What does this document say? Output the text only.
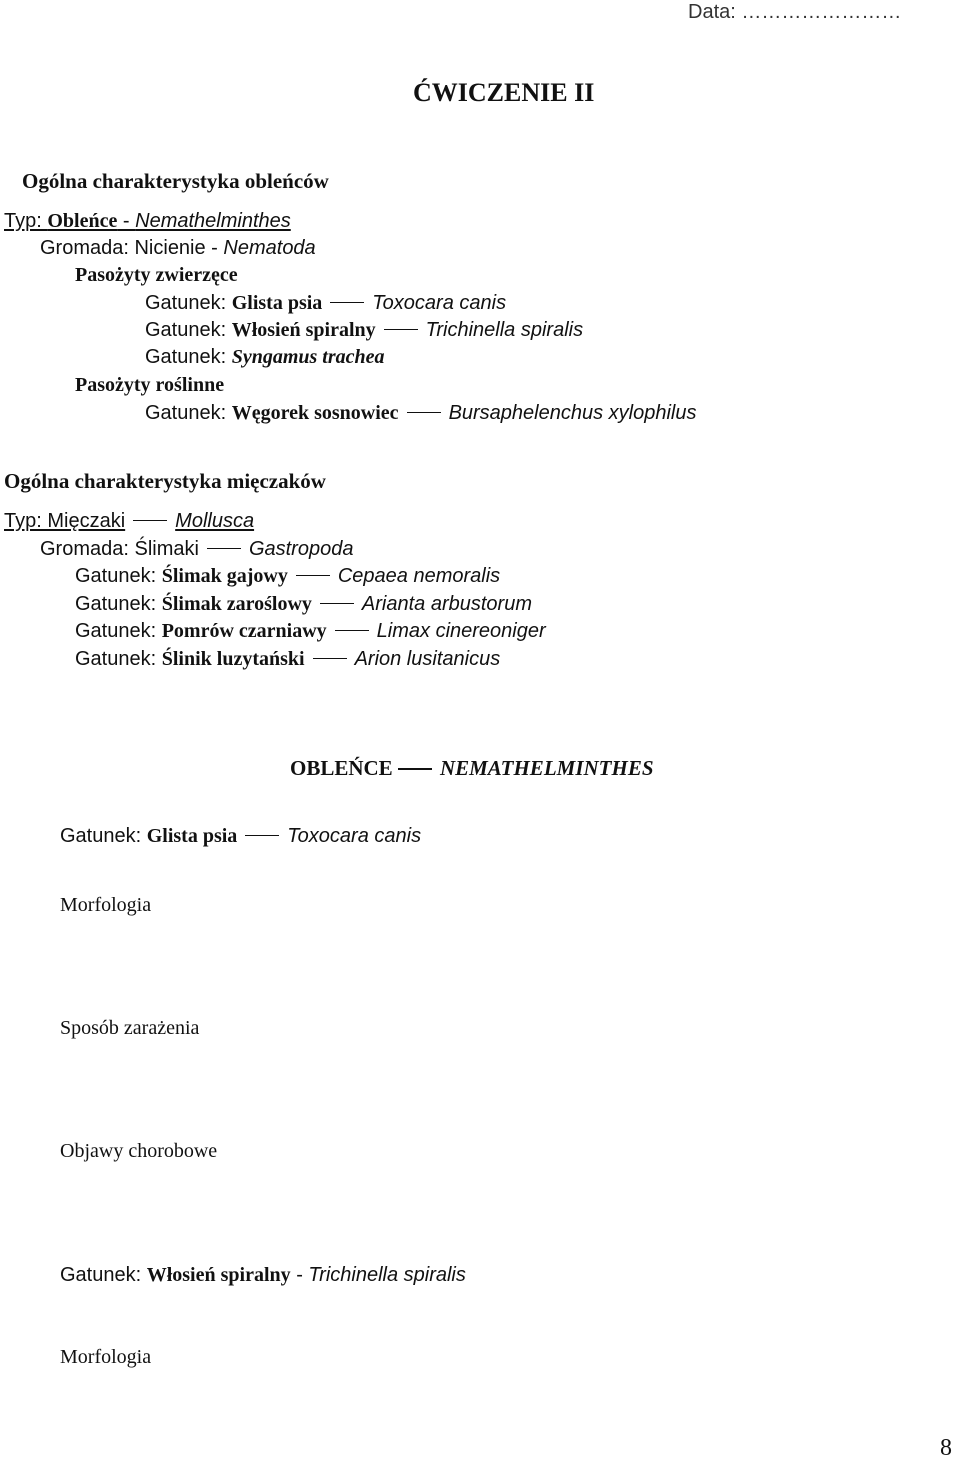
Data: ……………………
ĆWICZENIE II
Ogólna charakterystyka obleńców
Typ: Obleńce - Nemathelminthes
Gromada: Nicienie - Nematoda
Pasożyty zwierzęce
Gatunek: Glista psia	Toxocara canis
Gatunek: Włosień spiralny	Trichinella spiralis
Gatunek: Syngamus trachea
Pasożyty roślinne
Gatunek: Węgorek sosnowiec	Bursaphelenchus xylophilus
Ogólna charakterystyka mięczaków
Typ: Mięczaki	Mollusca
Gromada: Ślimaki	Gastropoda
Gatunek: Ślimak gajowy	Cepaea nemoralis
Gatunek: Ślimak zaroślowy	Arianta arbustorum
Gatunek: Pomrów czarniawy	Limax cinereoniger
Gatunek: Ślinik luzytański	Arion lusitanicus
OBLEŃCE NEMATHELMINTHES
Gatunek: Glista psia	Toxocara canis
Morfologia
Sposób zarażenia
Objawy chorobowe
Gatunek: Włosień spiralny - Trichinella spiralis
Morfologia
8
